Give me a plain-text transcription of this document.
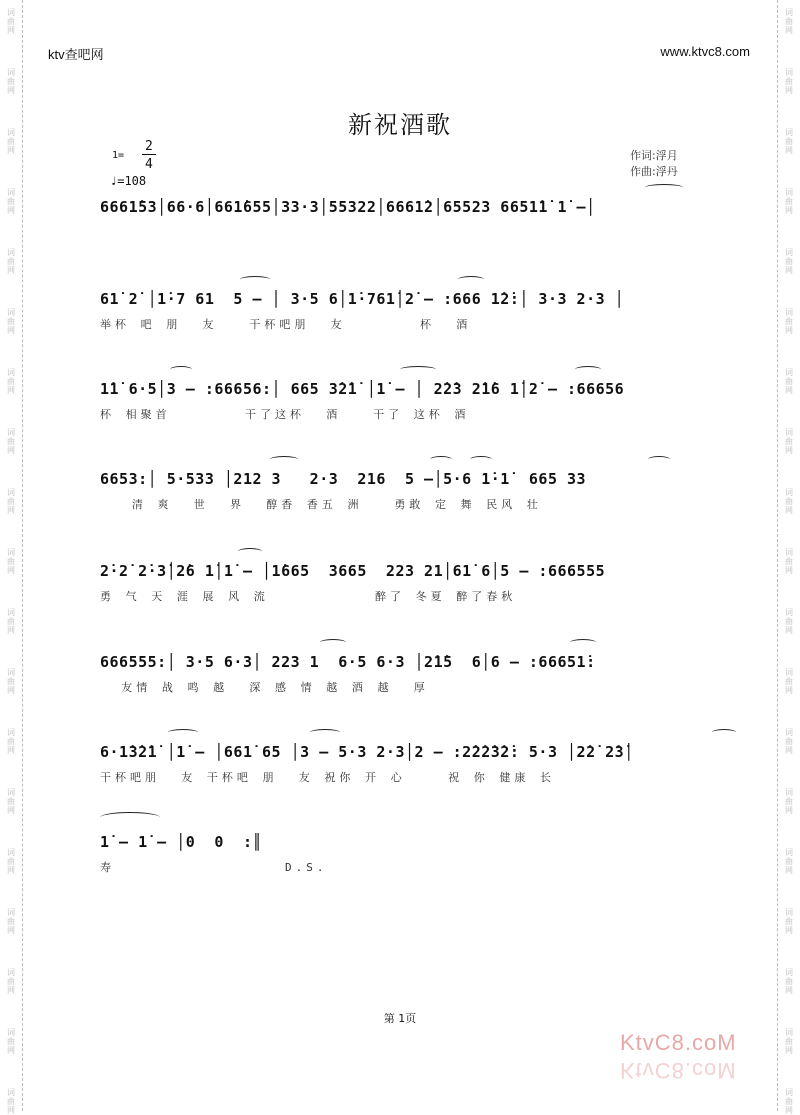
词
曲
网
词
曲
网
词
曲
网
词
曲
网
词
曲
网
词
曲
网
词
曲
网
词
曲
网
词
曲
网
词
曲
网
词
曲
网
词
曲
网
词
曲
网
词
曲
网
词
曲
网
词
曲
网
词
曲
网
词
曲
网
词
曲
网
词
曲
网
词
曲
网
词
曲
网
词
曲
网
词
曲
网
词
曲
网
词
曲
网
词
曲
网
词
曲
网
词
曲
网
词
曲
网
词
曲
网
词
曲
网
词
曲
网
词
曲
网
词
曲
网
词
曲
网
词
曲
网
词
曲
网
ktv查吧网	www.ktvc8.com
新祝酒歌
1=
2
4
♩=108
作词:浮月
作曲:浮丹
6661̇53│66·6│661̇655│33·3│55322│6661̇2│65523 6651̇1̇ 1̇ –│
61̇ 2̇ │1̇·7 61  5 – │ 3·5 6│1̇·761̇│2̇ – :666 1̇2̇:│ 3·3 2·3 │
举杯 吧 朋  友   干杯吧朋  友       杯  酒
1̇1̇ 6·5│3 – :66656:│ 665 3̇2̇1̇ │1̇ – │ 2̇2̇3 2̇1̇6 1̇│2̇ – :66656
杯 相聚首       干了这杯  酒   干了 这杯 酒
6653:│ 5·533 │212 3   2·3  216  5 –│5·6 1̇·1̇  665 33
清 爽  世  界  醇香 香五 洲   勇敢 定 舞 民风 壮
2̇·2̇ 2̇·3̇│2̇6 1̇│1̇ – │1̇665  3665  223 21│61̇ 6│5 – :666555
勇 气 天 涯 展 风 流          醉了 冬夏 醉了春秋
666555:│ 3·5 6·3│ 223 1  6·5 6·3 │2̇1̇5  6│6 – :66651̇:
友情 战 鸣 越  深 感 情 越 酒 越  厚
6·1̇3̇2̇1̇ │1̇ – │661̇ 65 │3 – 5·3 2·3│2 – :2̇2̇2̇3̇2̇: 5·3 │2̇2̇ 2̇3̇│
干杯吧朋  友 干杯吧 朋  友 祝你 开 心    祝 你 健康 长
1̇ – 1̇ – │0  0  :║
寿                D.S.
第 1页
KtvC8.coM
KtvC8.coM
